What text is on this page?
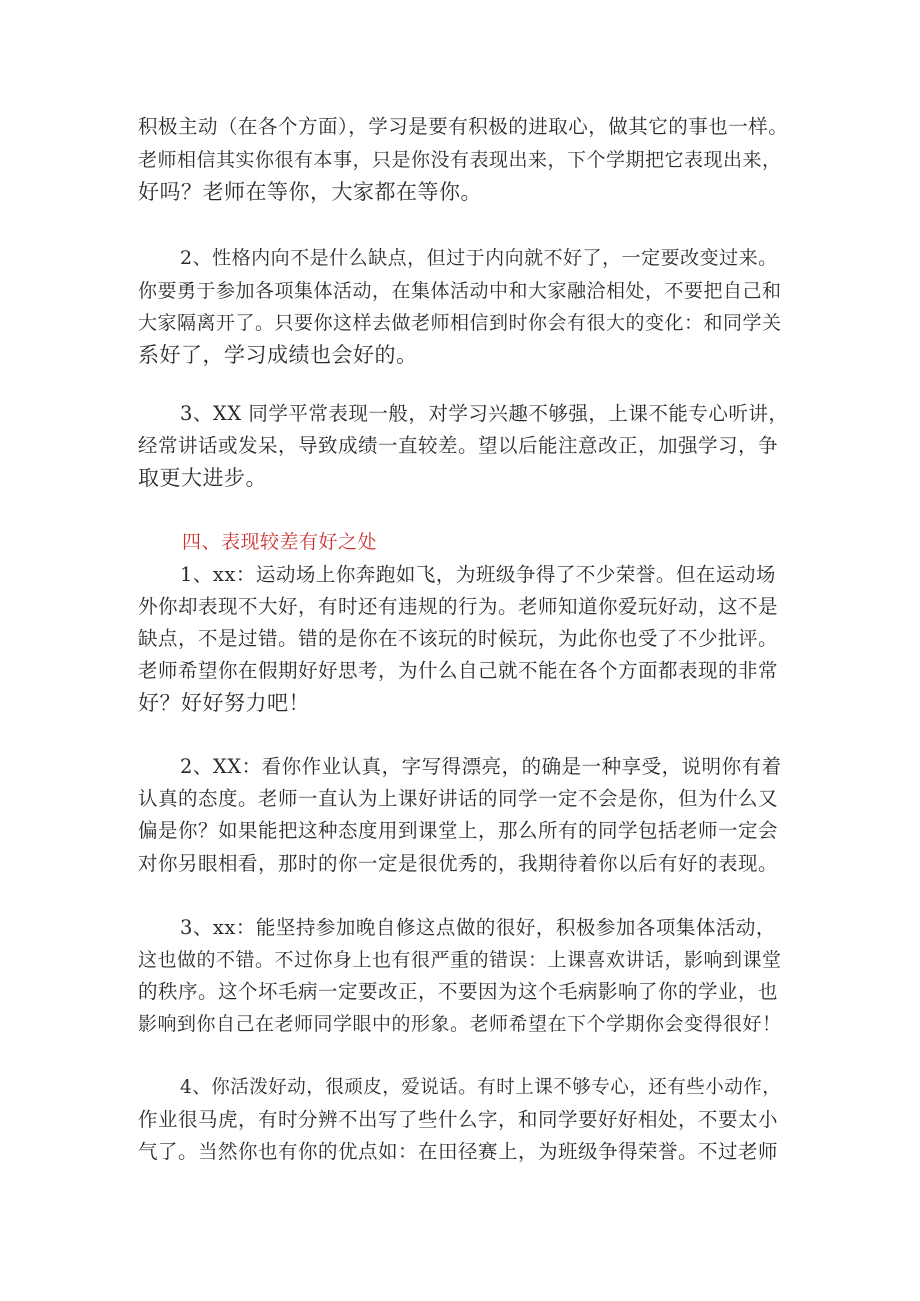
积极主动（在各个方面），学习是要有积极的进取心，做其它的事也一样。
老师相信其实你很有本事，只是你没有表现出来，下个学期把它表现出来，
好吗？老师在等你，大家都在等你。
2、性格内向不是什么缺点，但过于内向就不好了，一定要改变过来。
你要勇于参加各项集体活动，在集体活动中和大家融洽相处，不要把自己和
大家隔离开了。只要你这样去做老师相信到时你会有很大的变化：和同学关
系好了，学习成绩也会好的。
3、XX 同学平常表现一般，对学习兴趣不够强，上课不能专心听讲，
经常讲话或发呆，导致成绩一直较差。望以后能注意改正，加强学习，争
取更大进步。
四、表现较差有好之处
1、xx：运动场上你奔跑如飞，为班级争得了不少荣誉。但在运动场
外你却表现不大好，有时还有违规的行为。老师知道你爱玩好动，这不是
缺点，不是过错。错的是你在不该玩的时候玩，为此你也受了不少批评。
老师希望你在假期好好思考，为什么自己就不能在各个方面都表现的非常
好？好好努力吧！
2、XX：看你作业认真，字写得漂亮，的确是一种享受，说明你有着
认真的态度。老师一直认为上课好讲话的同学一定不会是你，但为什么又
偏是你？如果能把这种态度用到课堂上，那么所有的同学包括老师一定会
对你另眼相看，那时的你一定是很优秀的，我期待着你以后有好的表现。
3、xx：能坚持参加晚自修这点做的很好，积极参加各项集体活动，
这也做的不错。不过你身上也有很严重的错误：上课喜欢讲话，影响到课堂
的秩序。这个坏毛病一定要改正，不要因为这个毛病影响了你的学业，也
影响到你自己在老师同学眼中的形象。老师希望在下个学期你会变得很好！
4、你活泼好动，很顽皮，爱说话。有时上课不够专心，还有些小动作，
作业很马虎，有时分辨不出写了些什么字，和同学要好好相处，不要太小
气了。当然你也有你的优点如：在田径赛上，为班级争得荣誉。不过老师
